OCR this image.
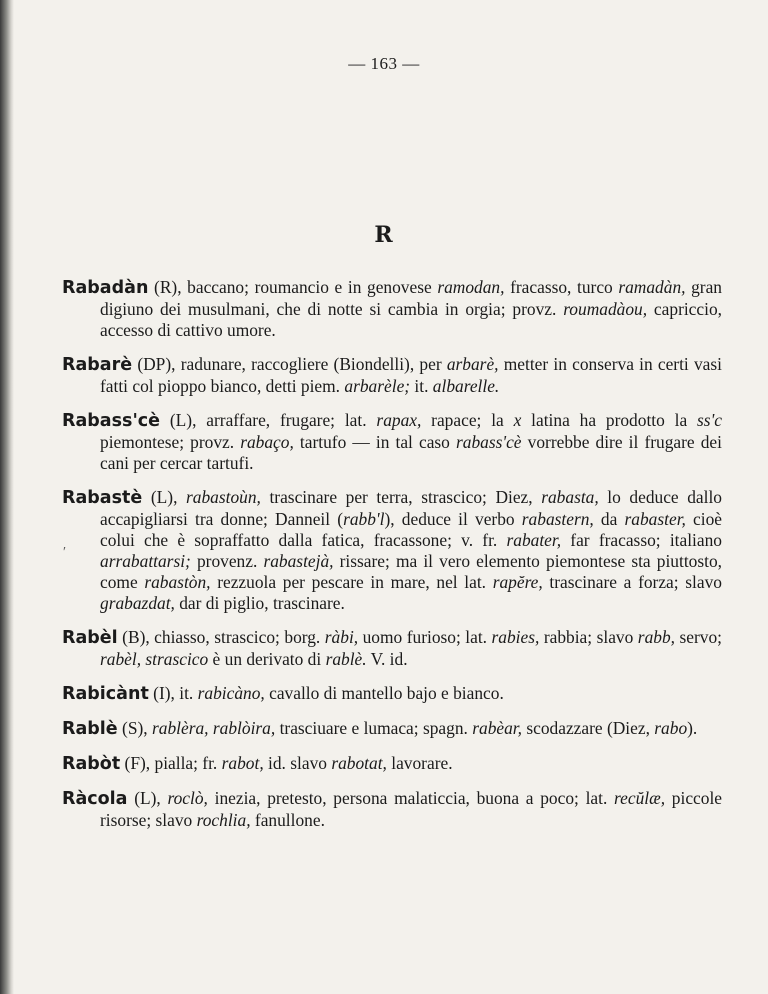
— 163 —
R
′

Rabadàn (R), baccano; roumancio e in genovese ramodan, fracasso, turco ramadàn, gran digiuno dei musulmani, che di notte si cambia in orgia; provz. roumadàou, capriccio, accesso di cattivo umore.

Rabarè (DP), radunare, raccogliere (Biondelli), per arbarè, metter in conserva in certi vasi fatti col pioppo bianco, detti piem. arbarèle; it. albarelle.

Rabass'cè (L), arraffare, frugare; lat. rapax, rapace; la x latina ha prodotto la ss'c piemontese; provz. rabaço, tartufo — in tal caso rabass'cè vorrebbe dire il frugare dei cani per cercar tartufi.

Rabastè (L), rabastoùn, trascinare per terra, strascico; Diez, rabasta, lo deduce dallo accapigliarsi tra donne; Danneil (rabb'l), deduce il verbo rabastern, da rabaster, cioè colui che è sopraffatto dalla fatica, fracassone; v. fr. rabater, far fracasso; italiano arrabattarsi; provenz. rabastejà, rissare; ma il vero elemento piemontese sta piuttosto, come rabastòn, rezzuola per pescare in mare, nel lat. rapĕre, trascinare a forza; slavo grabazdat, dar di piglio, trascinare.

Rabèl (B), chiasso, strascico; borg. ràbi, uomo furioso; lat. rabies, rabbia; slavo rabb, servo; rabèl, strascico è un derivato di rablè. V. id.

Rabicànt (I), it. rabicàno, cavallo di mantello bajo e bianco.

Rablè (S), rablèra, rablòira, trasciuare e lumaca; spagn. rabèar, scodazzare (Diez, rabo).

Rabòt (F), pialla; fr. rabot, id. slavo rabotat, lavorare.

Ràcola (L), roclò, inezia, pretesto, persona malaticcia, buona a poco; lat. recŭlæ, piccole risorse; slavo rochlia, fanullone.
